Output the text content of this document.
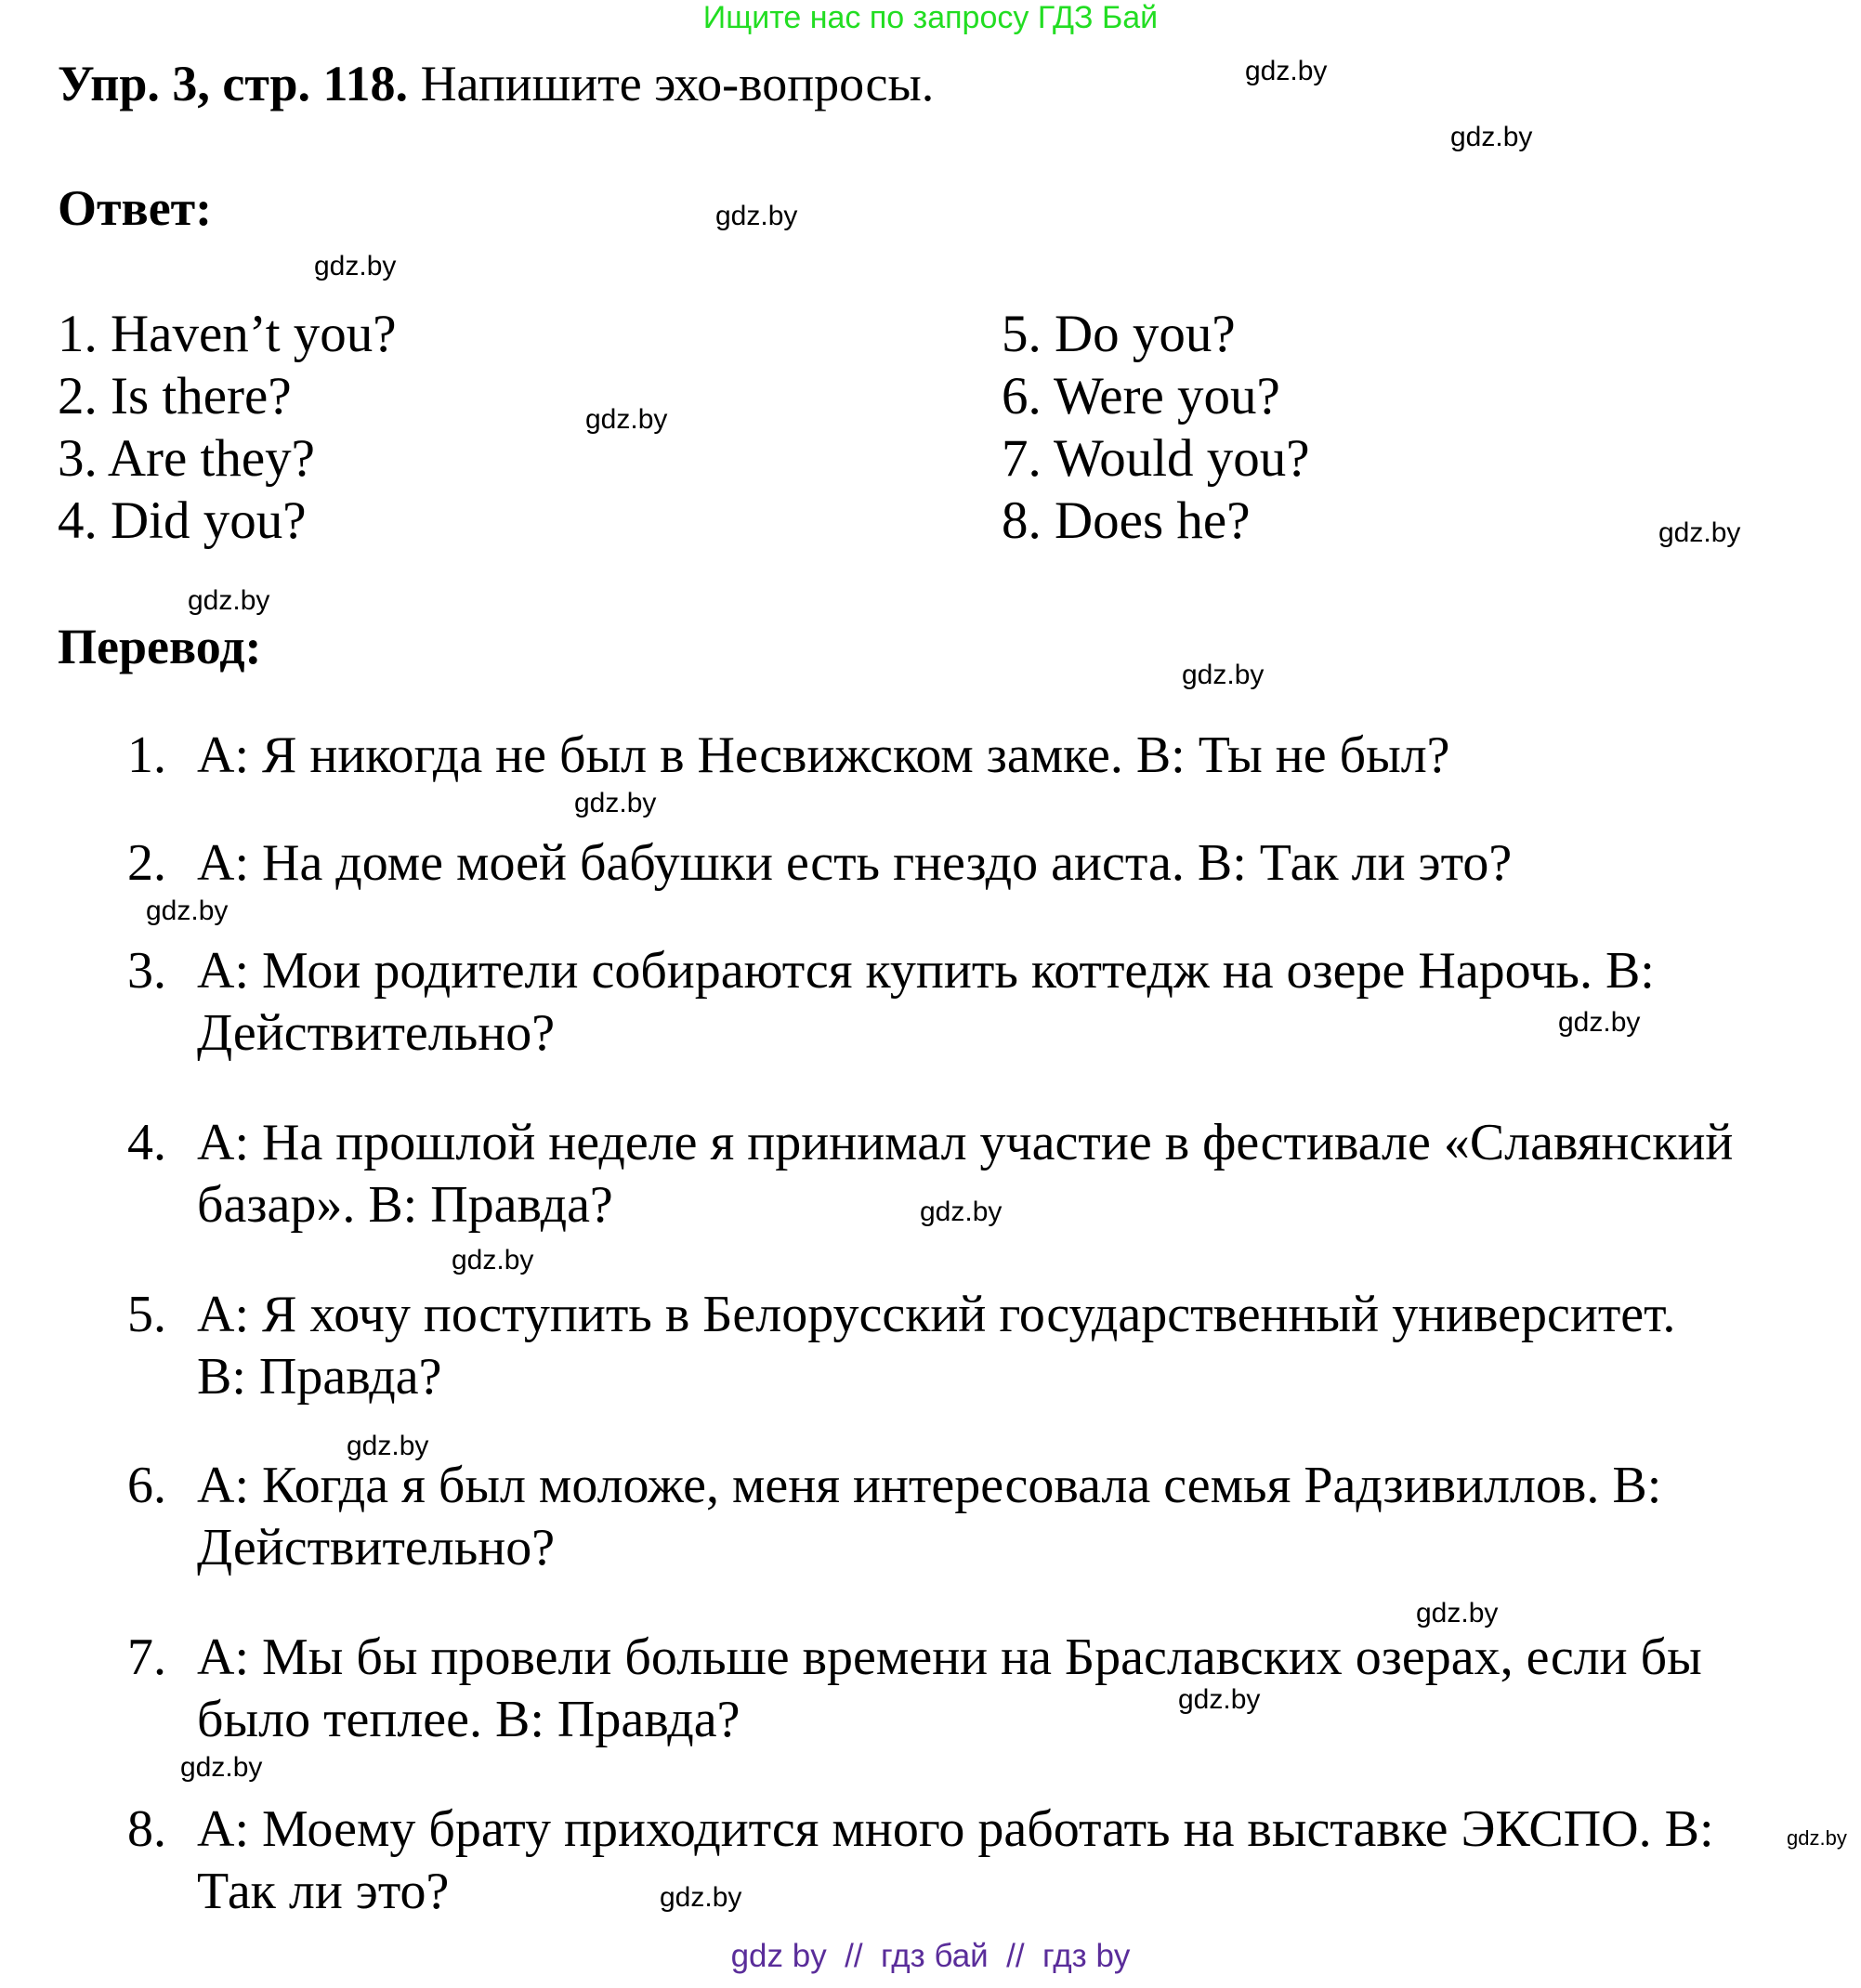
Ищите нас по запросу ГДЗ Бай
Упр. 3, стр. 118. Напишите эхо-вопросы.
Ответ:
1. Haven’t you?
2. Is there?
3. Are they?
4. Did you?
5. Do you?
6. Were you?
7. Would you?
8. Does he?
Перевод:
1. А: Я никогда не был в Несвижском замке. В: Ты не был?
2. А: На доме моей бабушки есть гнездо аиста. В: Так ли это?
3. А: Мои родители собираются купить коттедж на озере Нарочь. В:
Действительно?
4. А: На прошлой неделе я принимал участие в фестивале «Славянский
базар». В: Правда?
5. А: Я хочу поступить в Белорусский государственный университет.
В: Правда?
6. А: Когда я был моложе, меня интересовала семья Радзивиллов. В:
Действительно?
7. А: Мы бы провели больше времени на Браславских озерах, если бы
было теплее. В: Правда?
8. А: Моему брату приходится много работать на выставке ЭКСПО. В:
Так ли это?
gdz.by
gdz.by
gdz.by
gdz.by
gdz.by
gdz.by
gdz.by
gdz.by
gdz.by
gdz.by
gdz.by
gdz.by
gdz.by
gdz.by
gdz.by
gdz.by
gdz.by
gdz.by
gdz.by
gdz by  //  гдз бай  //  гдз by
